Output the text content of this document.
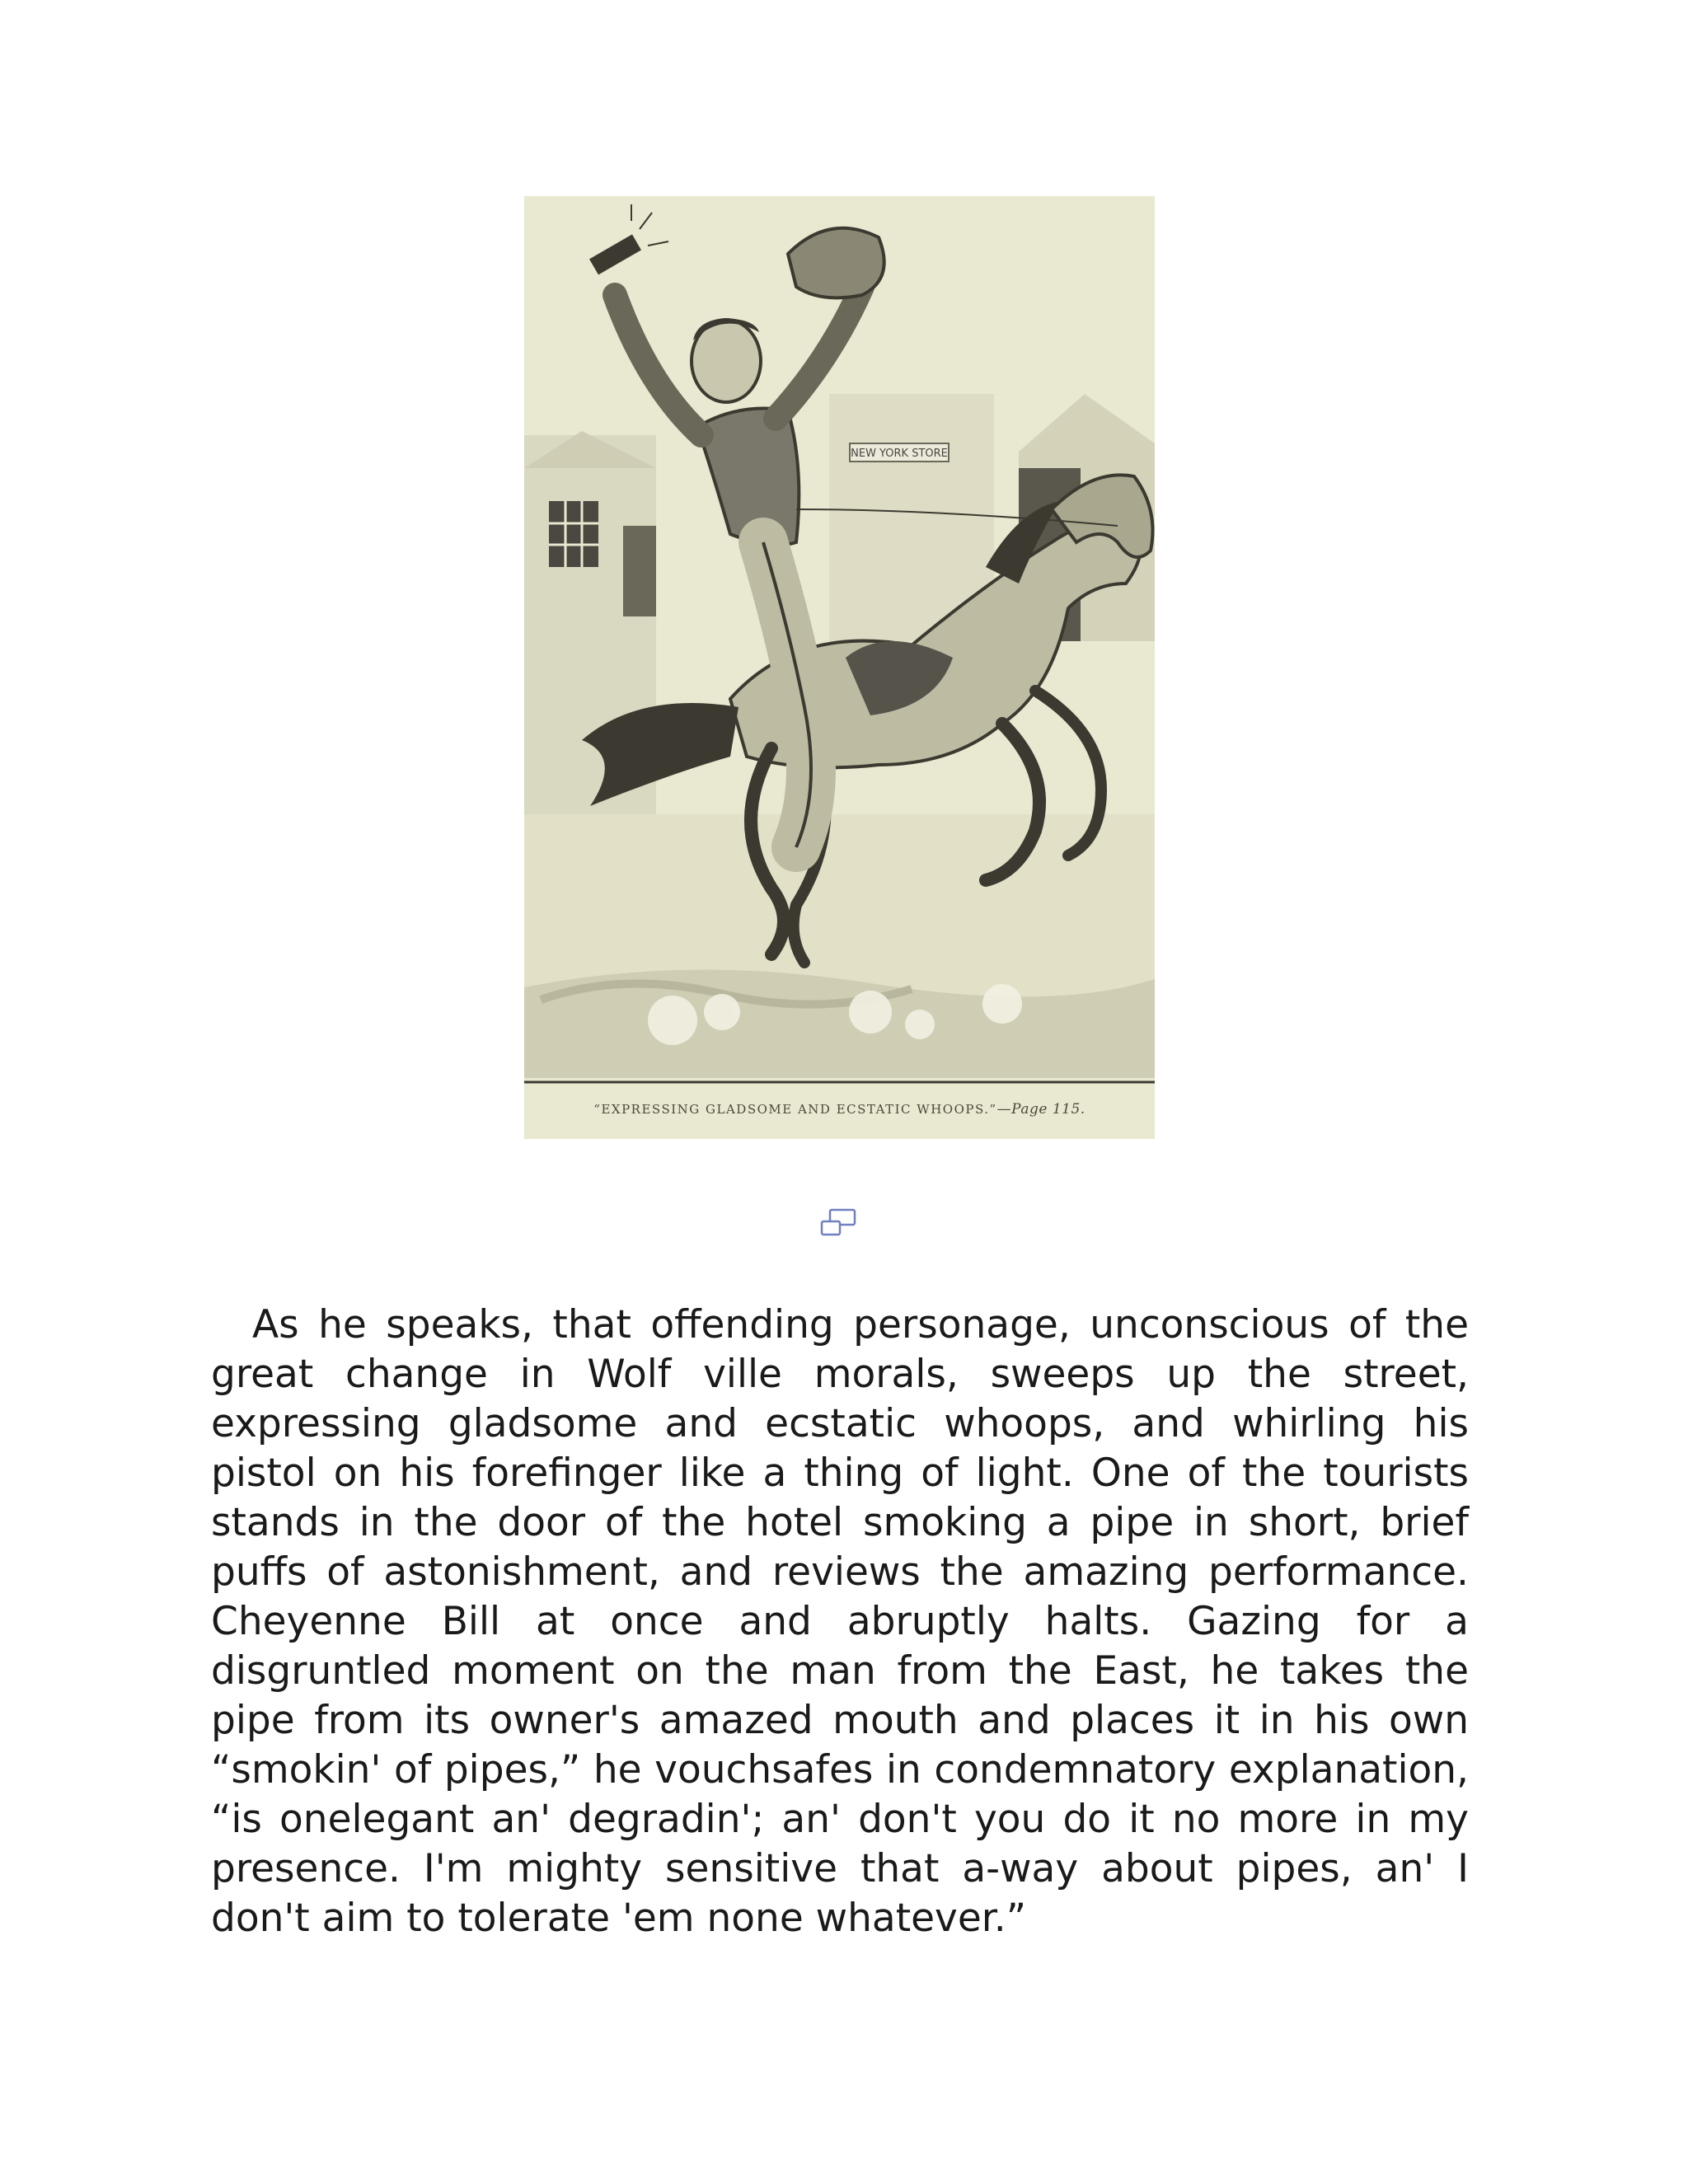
NEW YORK STORE
“EXPRESSING GLADSOME AND ECSTATIC WHOOPS.”—Page 115.

As he speaks, that offending personage, unconscious of the great change in Wolf ville morals, sweeps up the street, expressing gladsome and ecstatic whoops, and whirling his pistol on his forefinger like a thing of light. One of the tourists stands in the door of the hotel smoking a pipe in short, brief puffs of astonishment, and reviews the amazing performance. Cheyenne Bill at once and abruptly halts. Gazing for a disgruntled moment on the man from the East, he takes the pipe from its owner's amazed mouth and places it in his own “smokin' of pipes,” he vouchsafes in condemnatory explanation, “is onelegant an' degradin'; an' don't you do it no more in my presence. I'm mighty sensitive that a-way about pipes, an' I don't aim to tolerate 'em none whatever.”
